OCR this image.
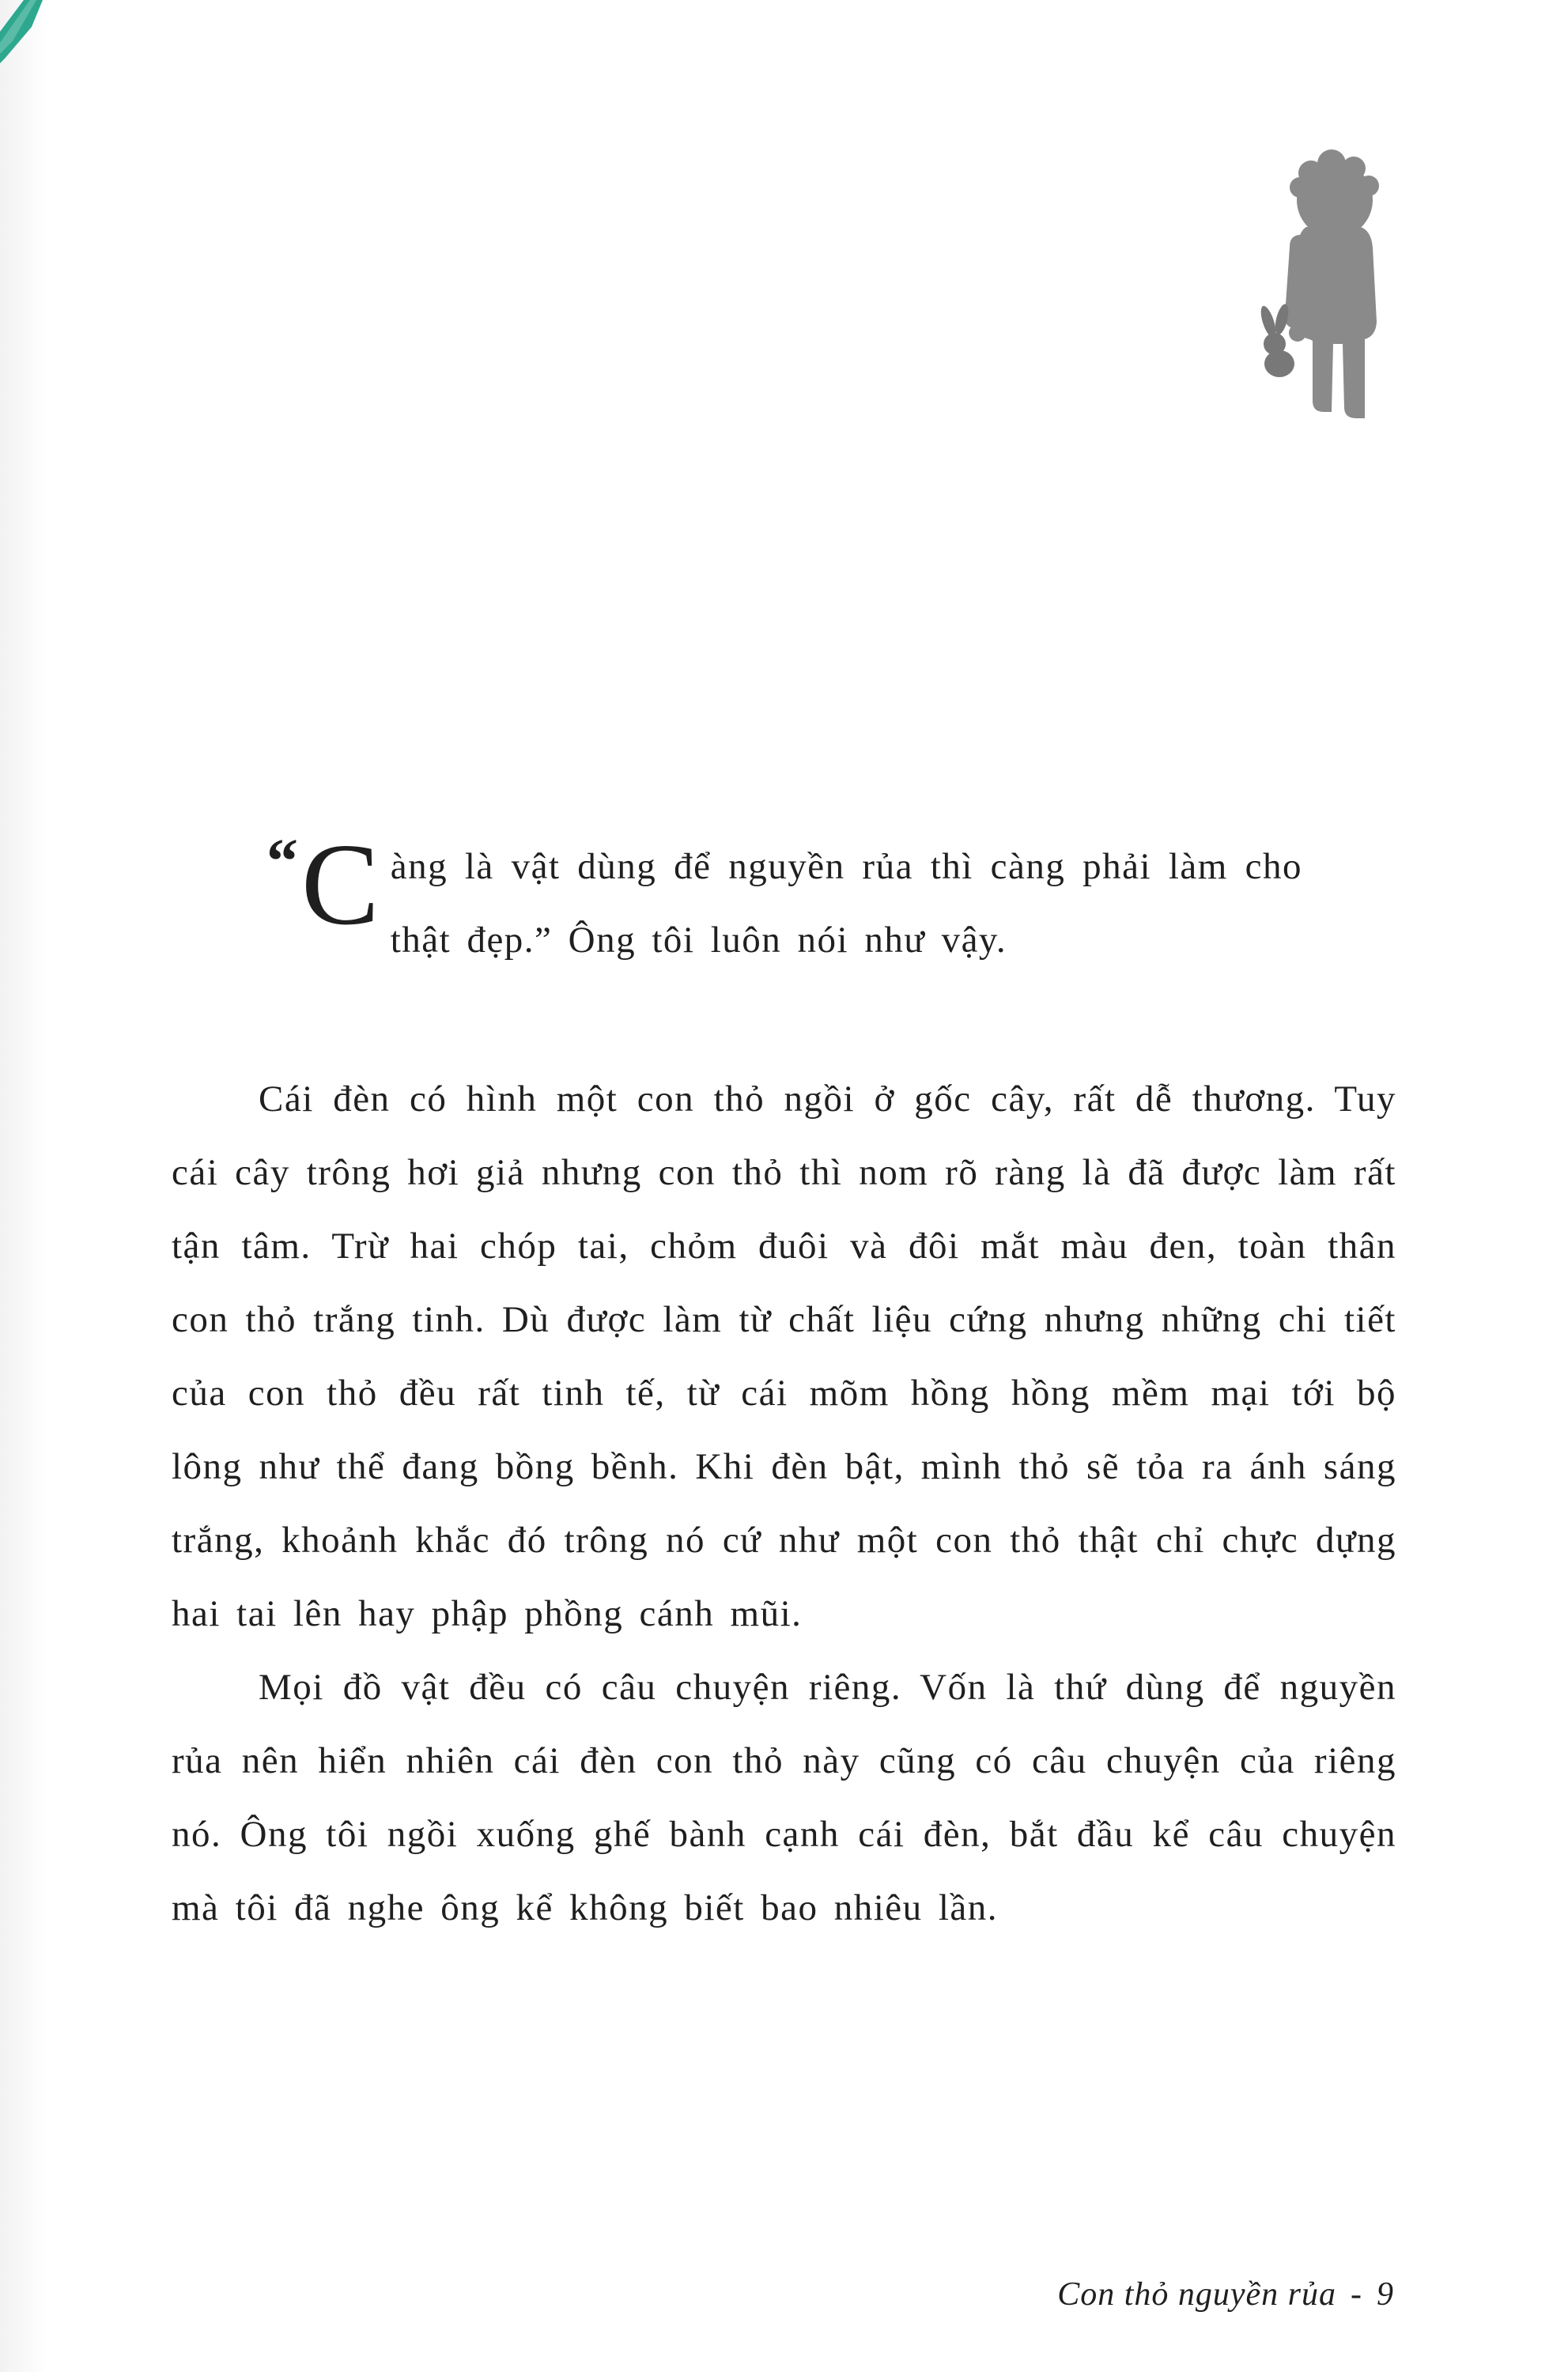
“C àng là vật dùng để nguyền rủa thì càng phải làm cho thật đẹp.” Ông tôi luôn nói như vậy.

Cái đèn có hình một con thỏ ngồi ở gốc cây, rất dễ thương. Tuy cái cây trông hơi giả nhưng con thỏ thì nom rõ ràng là đã được làm rất tận tâm. Trừ hai chóp tai, chỏm đuôi và đôi mắt màu đen, toàn thân con thỏ trắng tinh. Dù được làm từ chất liệu cứng nhưng những chi tiết của con thỏ đều rất tinh tế, từ cái mõm hồng hồng mềm mại tới bộ lông như thể đang bồng bềnh. Khi đèn bật, mình thỏ sẽ tỏa ra ánh sáng trắng, khoảnh khắc đó trông nó cứ như một con thỏ thật chỉ chực dựng hai tai lên hay phập phồng cánh mũi.

Mọi đồ vật đều có câu chuyện riêng. Vốn là thứ dùng để nguyền rủa nên hiển nhiên cái đèn con thỏ này cũng có câu chuyện của riêng nó. Ông tôi ngồi xuống ghế bành cạnh cái đèn, bắt đầu kể câu chuyện mà tôi đã nghe ông kể không biết bao nhiêu lần.

Con thỏ nguyền rủa - 9
